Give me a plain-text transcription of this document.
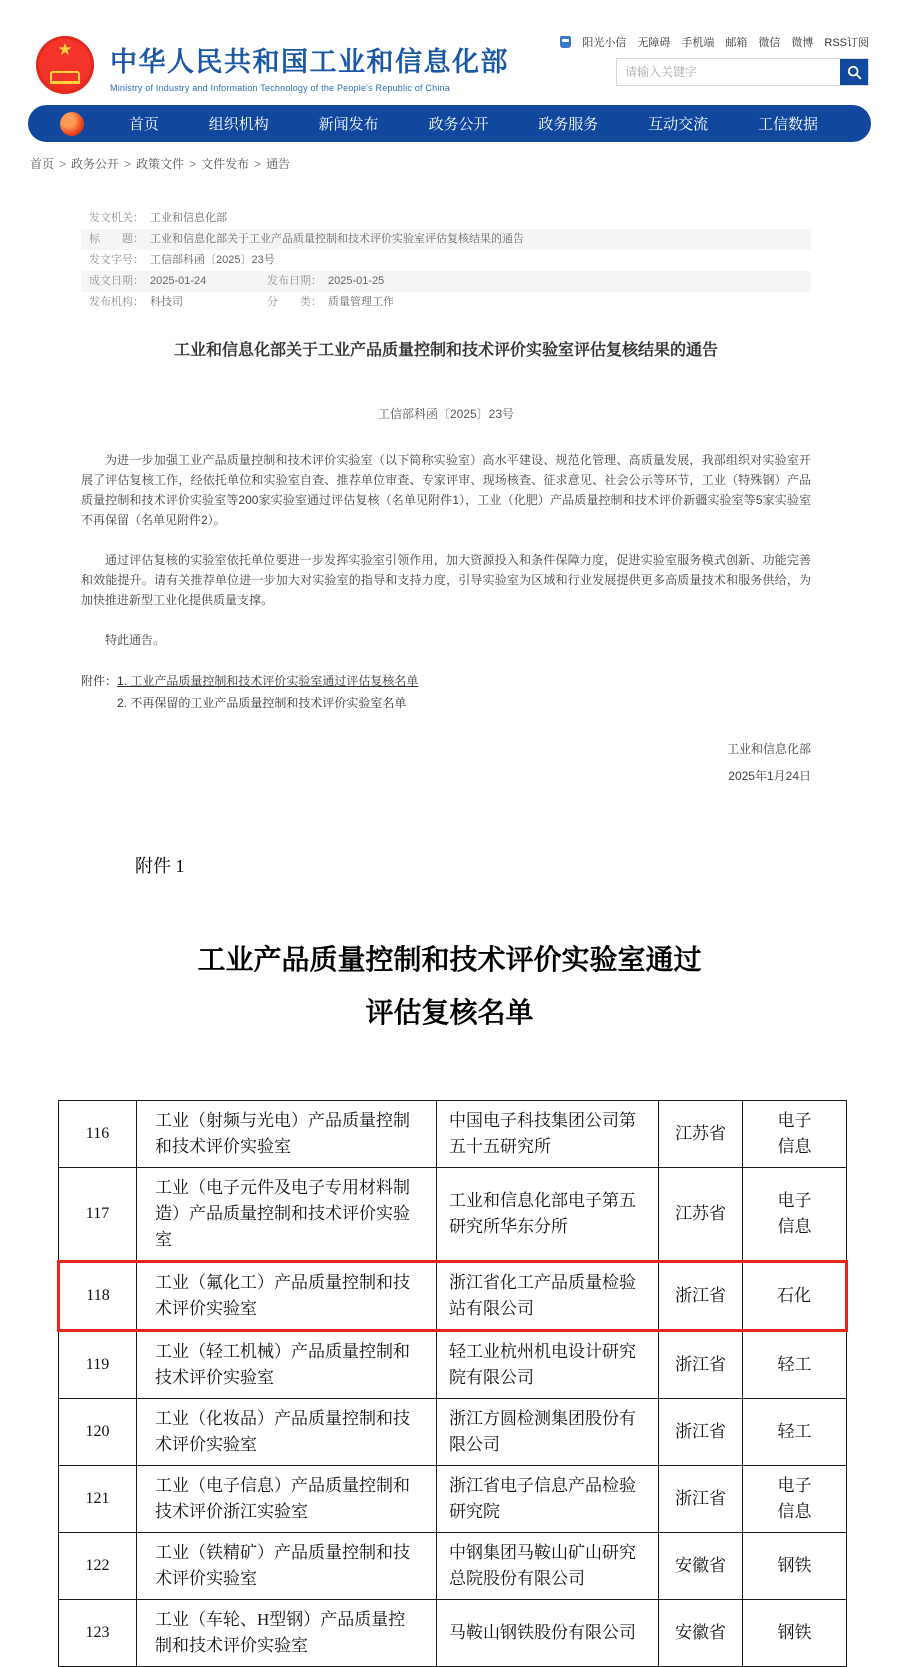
★	中华人民共和国工业和信息化部
Ministry of Industry and Information Technology of the People's Republic of China
阳光小信 无障碍 手机端 邮箱 微信 微博 RSS订阅
请输入关键字
首页	组织机构	新闻发布	政务公开	政务服务	互动交流	工信数据
首页 > 政务公开 > 政策文件 > 文件发布 > 通告
发文机关： 工业和信息化部
标　　题： 工业和信息化部关于工业产品质量控制和技术评价实验室评估复核结果的通告
发文字号： 工信部科函〔2025〕23号
成文日期： 2025-01-24	发布日期： 2025-01-25
发布机构： 科技司	分　　类： 质量管理工作
工业和信息化部关于工业产品质量控制和技术评价实验室评估复核结果的通告
工信部科函〔2025〕23号

为进一步加强工业产品质量控制和技术评价实验室（以下简称实验室）高水平建设、规范化管理、高质量发展，我部组织对实验室开展了评估复核工作，经依托单位和实验室自查、推荐单位审查、专家评审、现场核查、征求意见、社会公示等环节，工业（特殊钢）产品质量控制和技术评价实验室等200家实验室通过评估复核（名单见附件1），工业（化肥）产品质量控制和技术评价新疆实验室等5家实验室不再保留（名单见附件2）。

通过评估复核的实验室依托单位要进一步发挥实验室引领作用，加大资源投入和条件保障力度，促进实验室服务模式创新、功能完善和效能提升。请有关推荐单位进一步加大对实验室的指导和支持力度，引导实验室为区域和行业发展提供更多高质量技术和服务供给，为加快推进新型工业化提供质量支撑。

特此通告。

附件： 1. 工业产品质量控制和技术评价实验室通过评估复核名单
2. 不再保留的工业产品质量控制和技术评价实验室名单
工业和信息化部
2025年1月24日
附件 1
工业产品质量控制和技术评价实验室通过
评估复核名单
116	工业（射频与光电）产品质量控制和技术评价实验室	中国电子科技集团公司第五十五研究所	江苏省	电子信息
117	工业（电子元件及电子专用材料制造）产品质量控制和技术评价实验室	工业和信息化部电子第五研究所华东分所	江苏省	电子信息
118	工业（氟化工）产品质量控制和技术评价实验室	浙江省化工产品质量检验站有限公司	浙江省	石化
119	工业（轻工机械）产品质量控制和技术评价实验室	轻工业杭州机电设计研究院有限公司	浙江省	轻工
120	工业（化妆品）产品质量控制和技术评价实验室	浙江方圆检测集团股份有限公司	浙江省	轻工
121	工业（电子信息）产品质量控制和技术评价浙江实验室	浙江省电子信息产品检验研究院	浙江省	电子信息
122	工业（铁精矿）产品质量控制和技术评价实验室	中钢集团马鞍山矿山研究总院股份有限公司	安徽省	钢铁
123	工业（车轮、H型钢）产品质量控制和技术评价实验室	马鞍山钢铁股份有限公司	安徽省	钢铁
